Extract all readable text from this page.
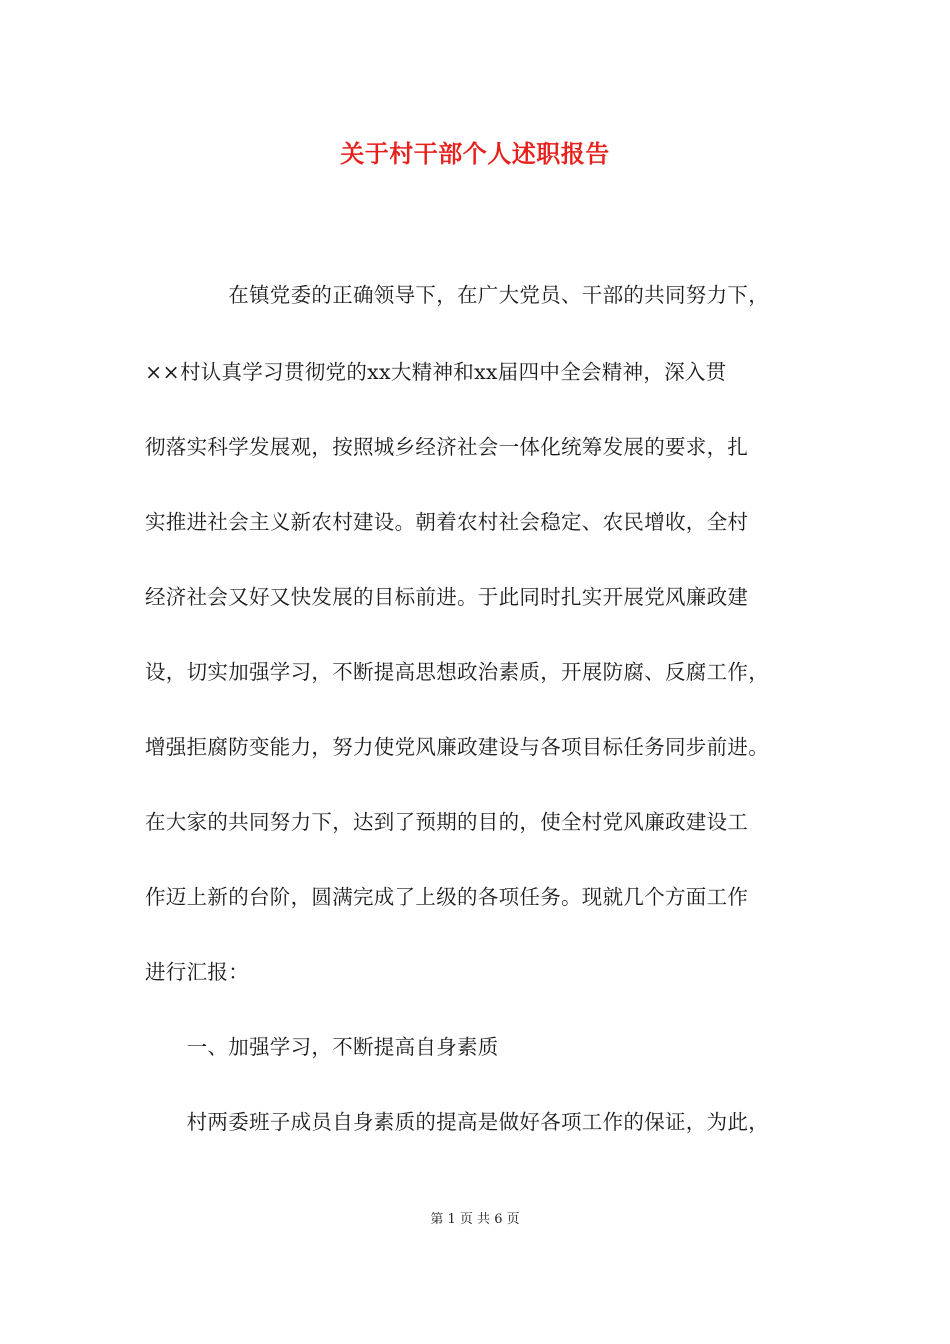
关于村干部个人述职报告
　　　　在镇党委的正确领导下，在广大党员、干部的共同努力下，
××村认真学习贯彻党的xx大精神和xx届四中全会精神，深入贯
彻落实科学发展观，按照城乡经济社会一体化统筹发展的要求，扎
实推进社会主义新农村建设。朝着农村社会稳定、农民增收，全村
经济社会又好又快发展的目标前进。于此同时扎实开展党风廉政建
设，切实加强学习，不断提高思想政治素质，开展防腐、反腐工作，
增强拒腐防变能力，努力使党风廉政建设与各项目标任务同步前进。
在大家的共同努力下，达到了预期的目的，使全村党风廉政建设工
作迈上新的台阶，圆满完成了上级的各项任务。现就几个方面工作
进行汇报：
　　一、加强学习，不断提高自身素质
　　村两委班子成员自身素质的提高是做好各项工作的保证，为此，
第 1 页 共 6 页
